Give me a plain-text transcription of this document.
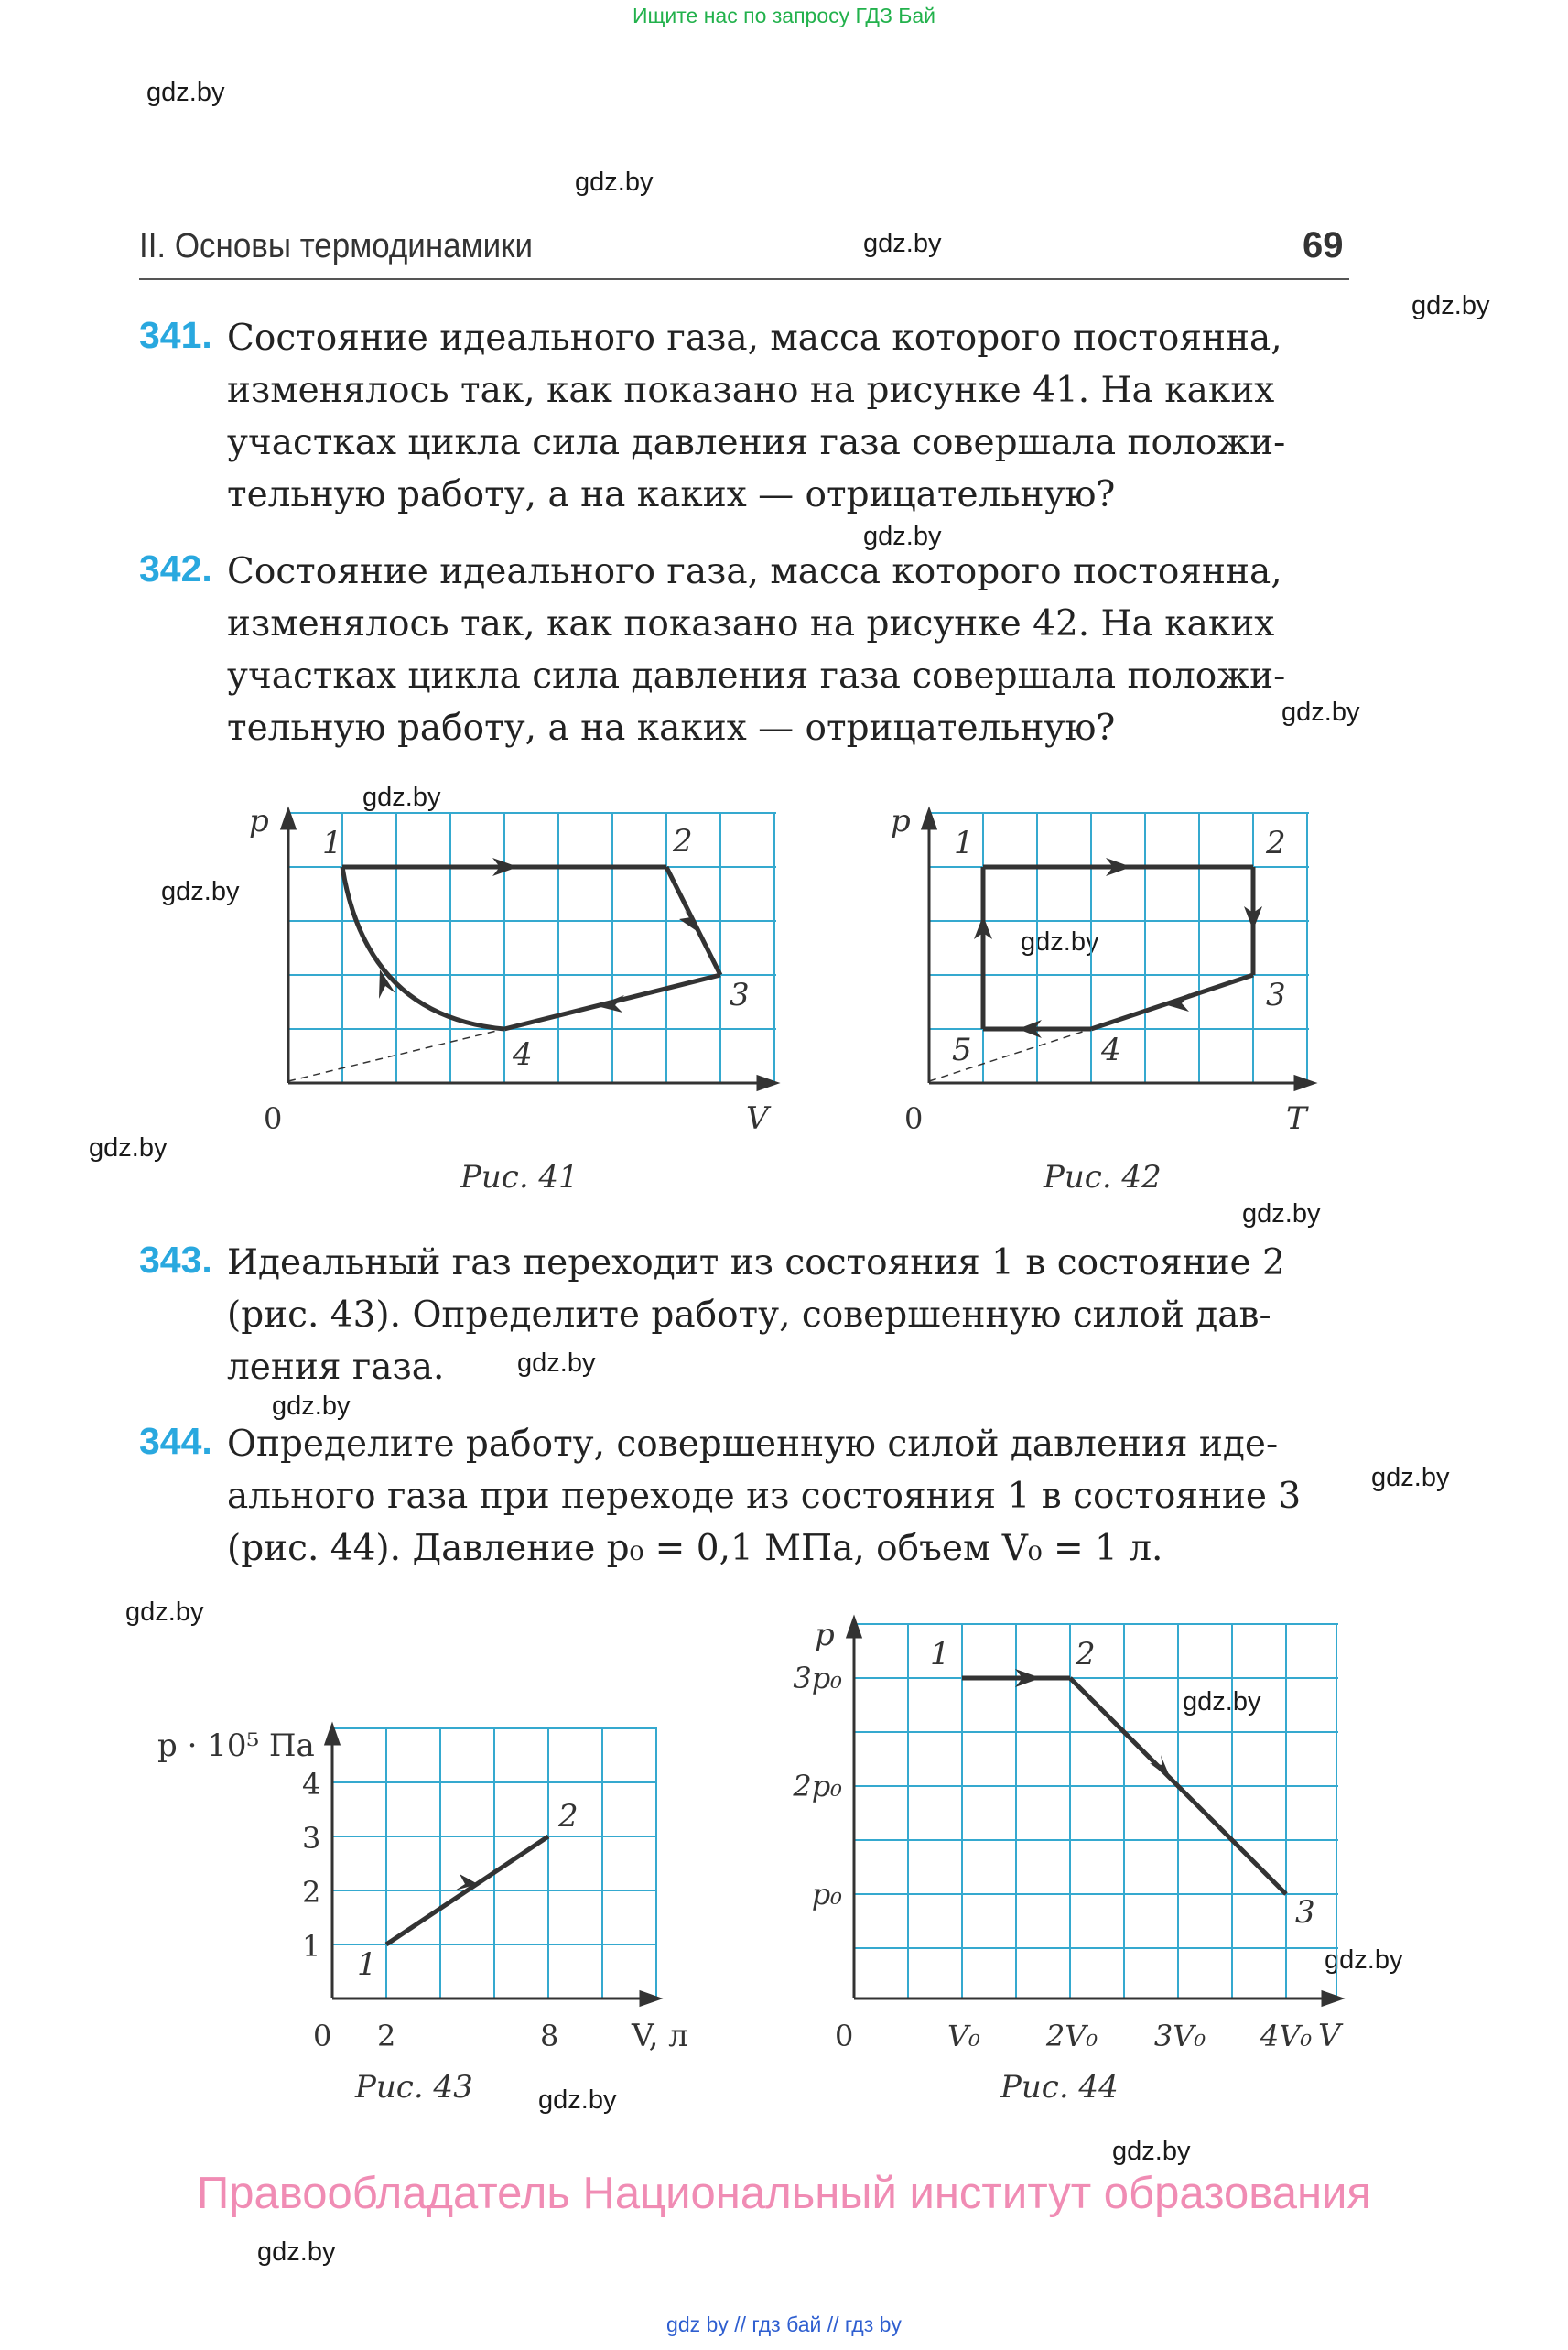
Ищите нас по запросу ГДЗ Бай
gdz.by
gdz.by
gdz.by
gdz.by
gdz.by
gdz.by
gdz.by
gdz.by
gdz.by
gdz.by
gdz.by
gdz.by
gdz.by
gdz.by
gdz.by
gdz.by
gdz.by
gdz.by
gdz.by
gdz.by
II. Основы термодинамики	69
341. Состояние идеального газа, масса которого постоянна,
изменялось так, как показано на рисунке 41. На каких
участках цикла сила давления газа совершала положи-
тельную работу, а на каких — отрицательную?
342. Состояние идеального газа, масса которого постоянна,
изменялось так, как показано на рисунке 42. На каких
участках цикла сила давления газа совершала положи-
тельную работу, а на каких — отрицательную?
p
V
0
1	2
3
4
Рис. 41
p
T
0
1	2
3
4
5
Рис. 42
343. Идеальный газ переходит из состояния 1 в состояние 2
(рис. 43). Определите работу, совершенную силой дав-
ления газа.
344. Определите работу, совершенную силой давления иде-
ального газа при переходе из состояния 1 в состояние 3
(рис. 44). Давление p₀ = 0,1 МПа, объем V₀ = 1 л.
p · 10⁵ Па
V, л
0
1
2
3
4
2	8
1
2
Рис. 43
p
V
0
p₀
2p₀
3p₀
V₀ 2V₀ 3V₀ 4V₀
1	2
3
Рис. 44
Правообладатель Национальный институт образования
gdz by // гдз бай // гдз by
